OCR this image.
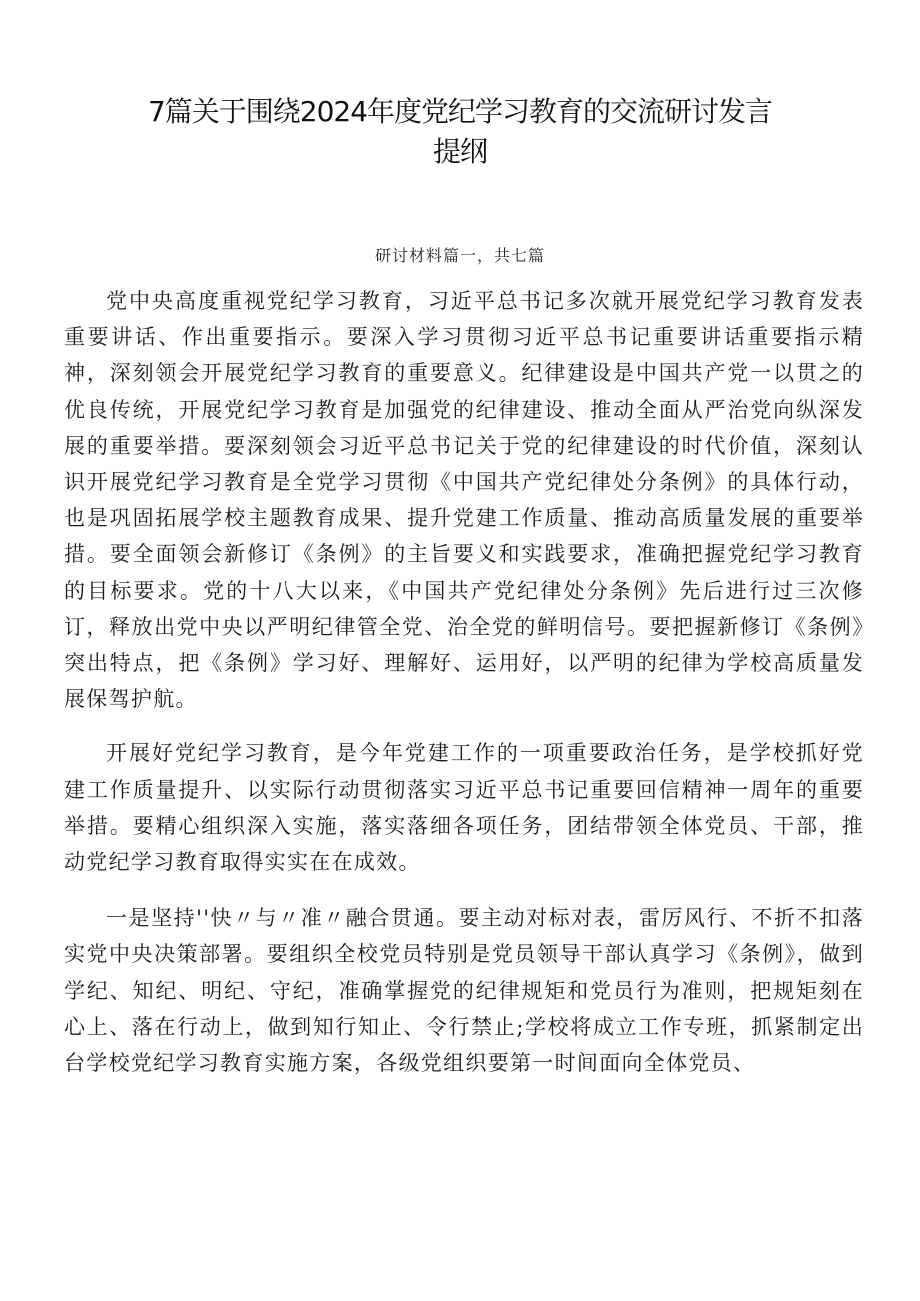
7篇关于围绕2024年度党纪学习教育的交流研讨发言
提纲

研讨材料篇一，共七篇

党中央高度重视党纪学习教育，习近平总书记多次就开展党纪学习教育发表重要讲话、作出重要指示。要深入学习贯彻习近平总书记重要讲话重要指示精神，深刻领会开展党纪学习教育的重要意义。纪律建设是中国共产党一以贯之的优良传统，开展党纪学习教育是加强党的纪律建设、推动全面从严治党向纵深发展的重要举措。要深刻领会习近平总书记关于党的纪律建设的时代价值，深刻认识开展党纪学习教育是全党学习贯彻《中国共产党纪律处分条例》的具体行动，也是巩固拓展学校主题教育成果、提升党建工作质量、推动高质量发展的重要举措。要全面领会新修订《条例》的主旨要义和实践要求，准确把握党纪学习教育的目标要求。党的十八大以来，《中国共产党纪律处分条例》先后进行过三次修订，释放出党中央以严明纪律管全党、治全党的鲜明信号。要把握新修订《条例》突出特点，把《条例》学习好、理解好、运用好，以严明的纪律为学校高质量发展保驾护航。

开展好党纪学习教育，是今年党建工作的一项重要政治任务，是学校抓好党建工作质量提升、以实际行动贯彻落实习近平总书记重要回信精神一周年的重要举措。要精心组织深入实施，落实落细各项任务，团结带领全体党员、干部，推动党纪学习教育取得实实在在成效。

一是坚持''快〃与〃准〃融合贯通。要主动对标对表，雷厉风行、不折不扣落实党中央决策部署。要组织全校党员特别是党员领导干部认真学习《条例》，做到学纪、知纪、明纪、守纪，准确掌握党的纪律规矩和党员行为准则，把规矩刻在心上、落在行动上，做到知行知止、令行禁止;学校将成立工作专班，抓紧制定出台学校党纪学习教育实施方案，各级党组织要第一时间面向全体党员、
